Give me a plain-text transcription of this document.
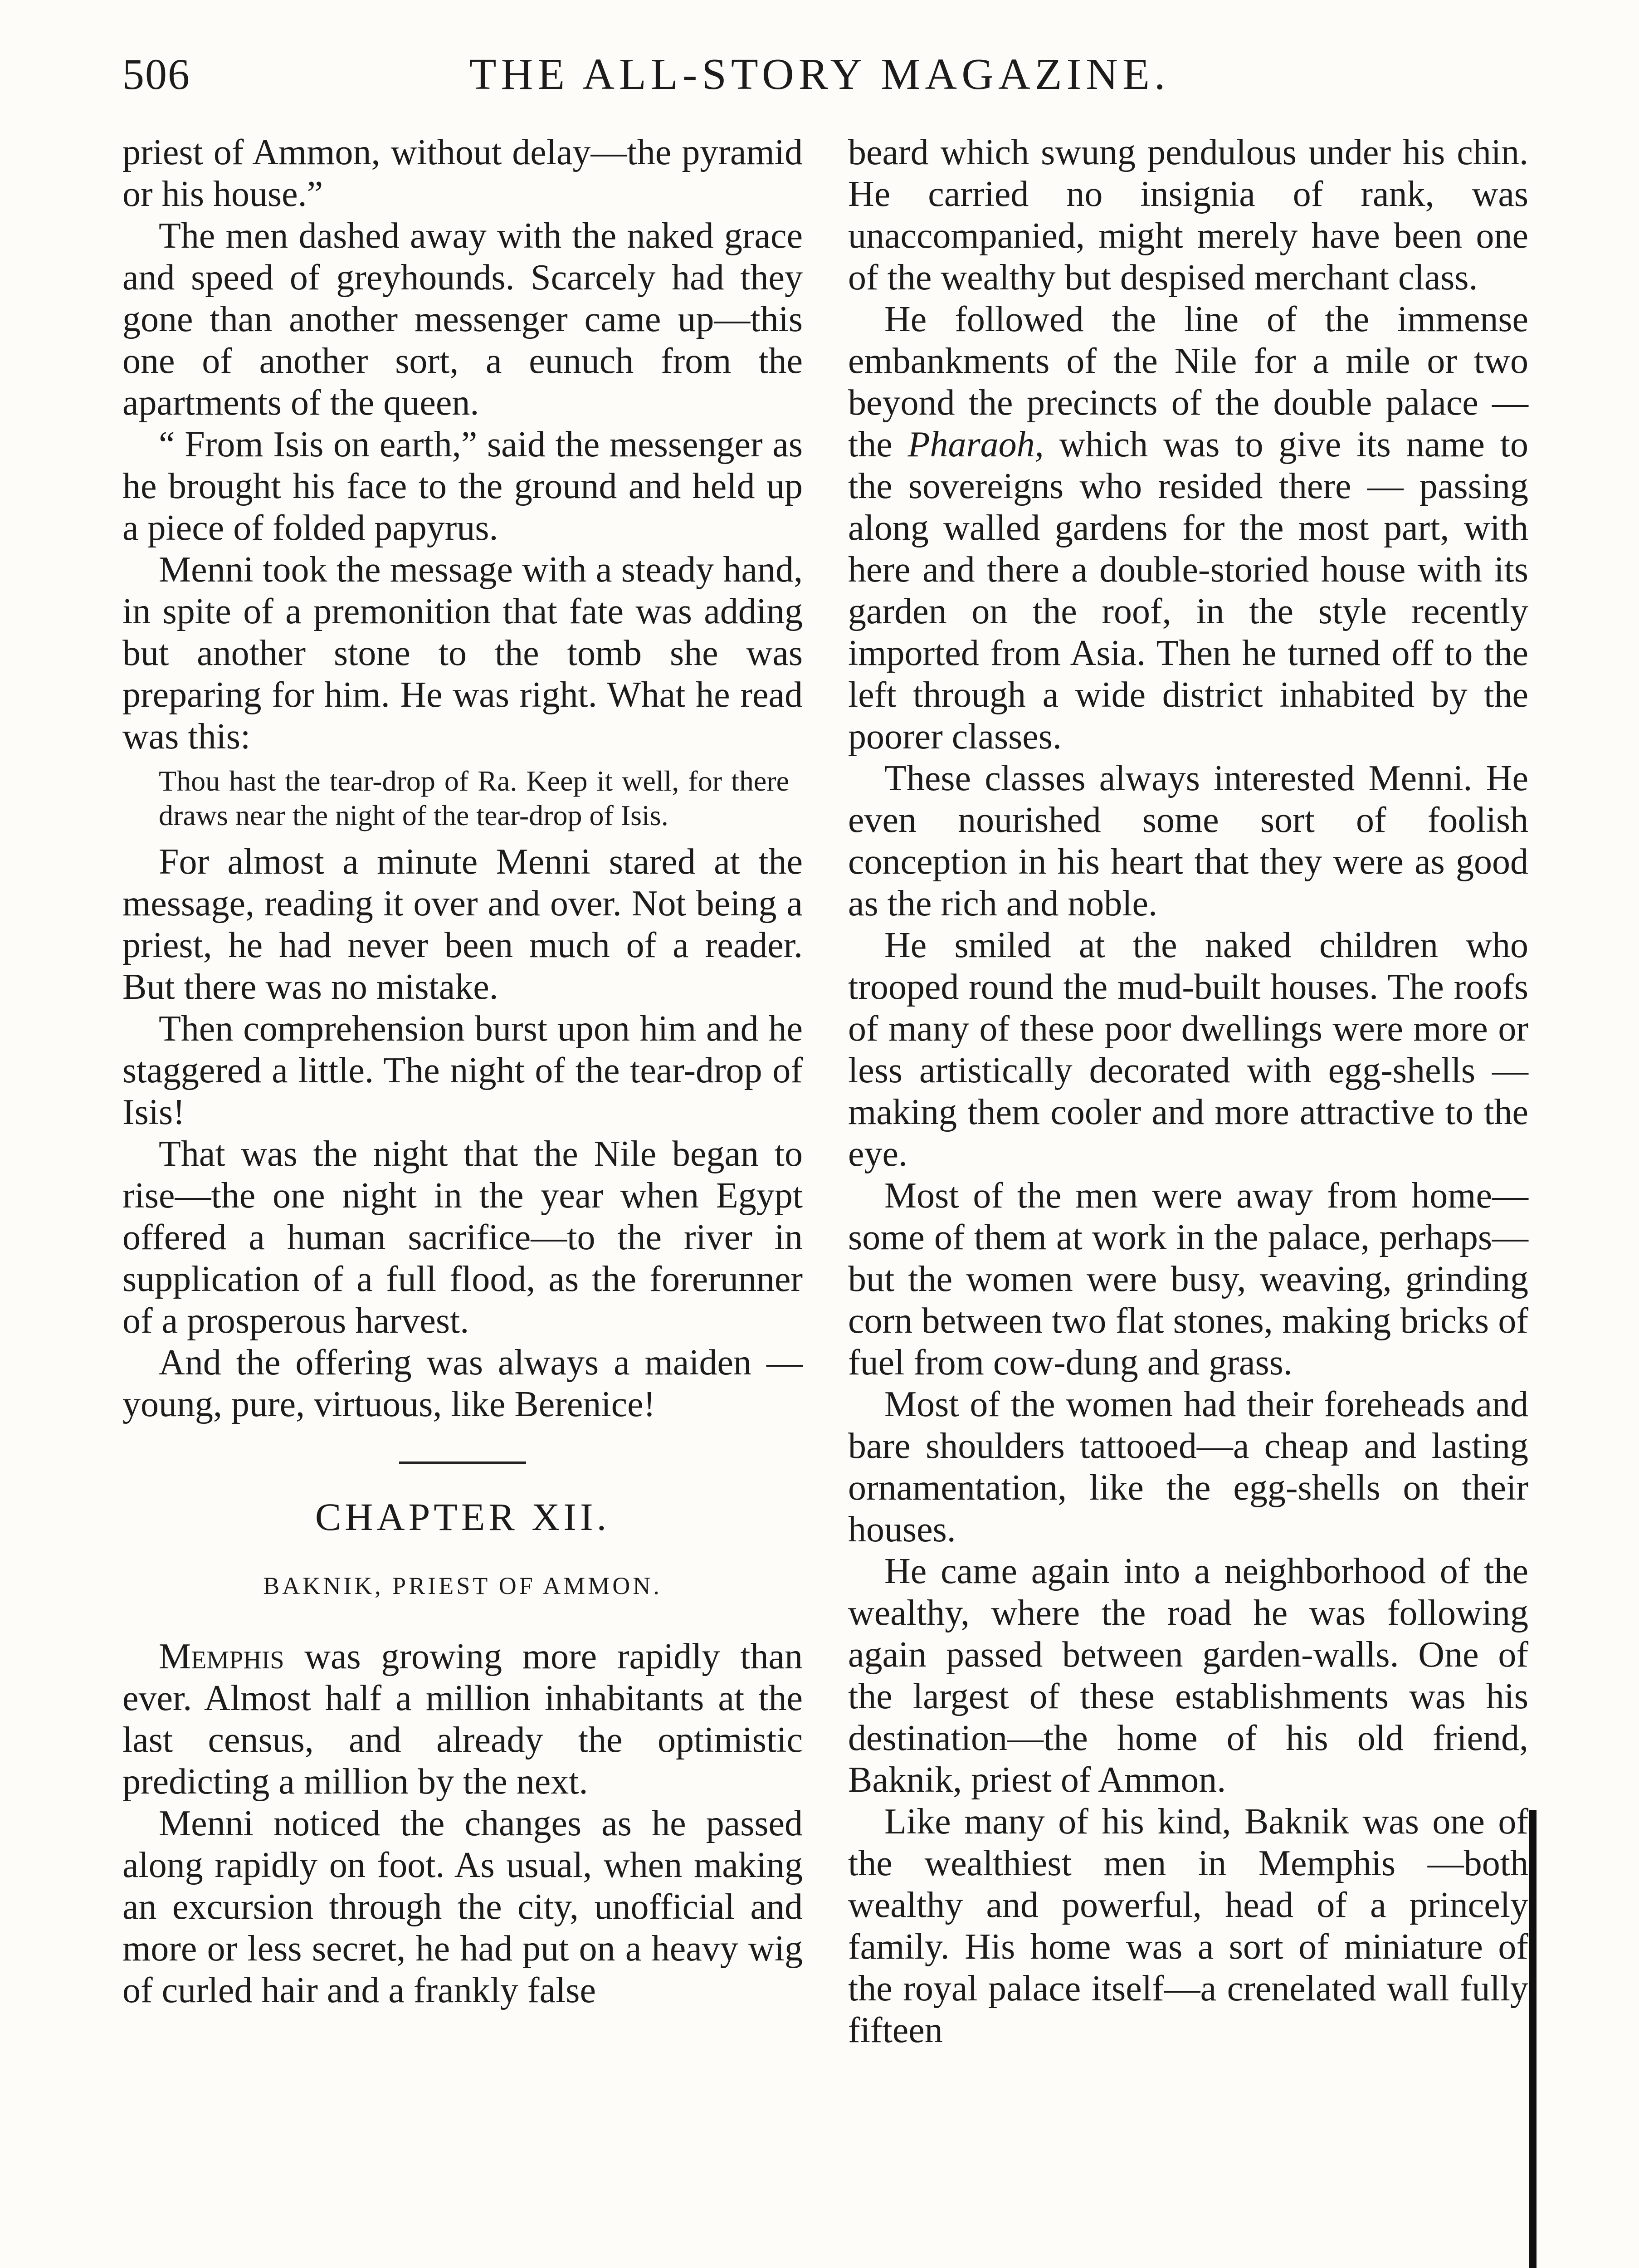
506	THE ALL-STORY MAGAZINE.

priest of Ammon, without delay—the pyramid or his house.”

The men dashed away with the naked grace and speed of greyhounds. Scarcely had they gone than another messenger came up—this one of another sort, a eunuch from the apartments of the queen.

“ From Isis on earth,” said the messenger as he brought his face to the ground and held up a piece of folded papyrus.

Menni took the message with a steady hand, in spite of a premonition that fate was adding but another stone to the tomb she was preparing for him. He was right. What he read was this:

Thou hast the tear-drop of Ra. Keep it well, for there draws near the night of the tear-drop of Isis.

For almost a minute Menni stared at the message, reading it over and over. Not being a priest, he had never been much of a reader. But there was no mistake.

Then comprehension burst upon him and he staggered a little. The night of the tear-drop of Isis!

That was the night that the Nile began to rise—the one night in the year when Egypt offered a human sacrifice—to the river in supplication of a full flood, as the forerunner of a prosperous harvest.

And the offering was always a maiden — young, pure, virtuous, like Berenice!

CHAPTER XII.
BAKNIK, PRIEST OF AMMON.

Memphis was growing more rapidly than ever. Almost half a million inhabitants at the last census, and already the optimistic predicting a million by the next.

Menni noticed the changes as he passed along rapidly on foot. As usual, when making an excursion through the city, unofficial and more or less secret, he had put on a heavy wig of curled hair and a frankly false

beard which swung pendulous under his chin. He carried no insignia of rank, was unaccompanied, might merely have been one of the wealthy but despised merchant class.

He followed the line of the immense embankments of the Nile for a mile or two beyond the precincts of the double palace — the Pharaoh, which was to give its name to the sovereigns who resided there — passing along walled gardens for the most part, with here and there a double-storied house with its garden on the roof, in the style recently imported from Asia. Then he turned off to the left through a wide district inhabited by the poorer classes.

These classes always interested Menni. He even nourished some sort of foolish conception in his heart that they were as good as the rich and noble.

He smiled at the naked children who trooped round the mud-built houses. The roofs of many of these poor dwellings were more or less artistically decorated with egg-shells — making them cooler and more attractive to the eye.

Most of the men were away from home—some of them at work in the palace, perhaps—but the women were busy, weaving, grinding corn between two flat stones, making bricks of fuel from cow-dung and grass.

Most of the women had their foreheads and bare shoulders tattooed—a cheap and lasting ornamentation, like the egg-shells on their houses.

He came again into a neighborhood of the wealthy, where the road he was following again passed between garden-walls. One of the largest of these establishments was his destination—the home of his old friend, Baknik, priest of Ammon.

Like many of his kind, Baknik was one of the wealthiest men in Memphis —both wealthy and powerful, head of a princely family. His home was a sort of miniature of the royal palace itself—a crenelated wall fully fifteen
